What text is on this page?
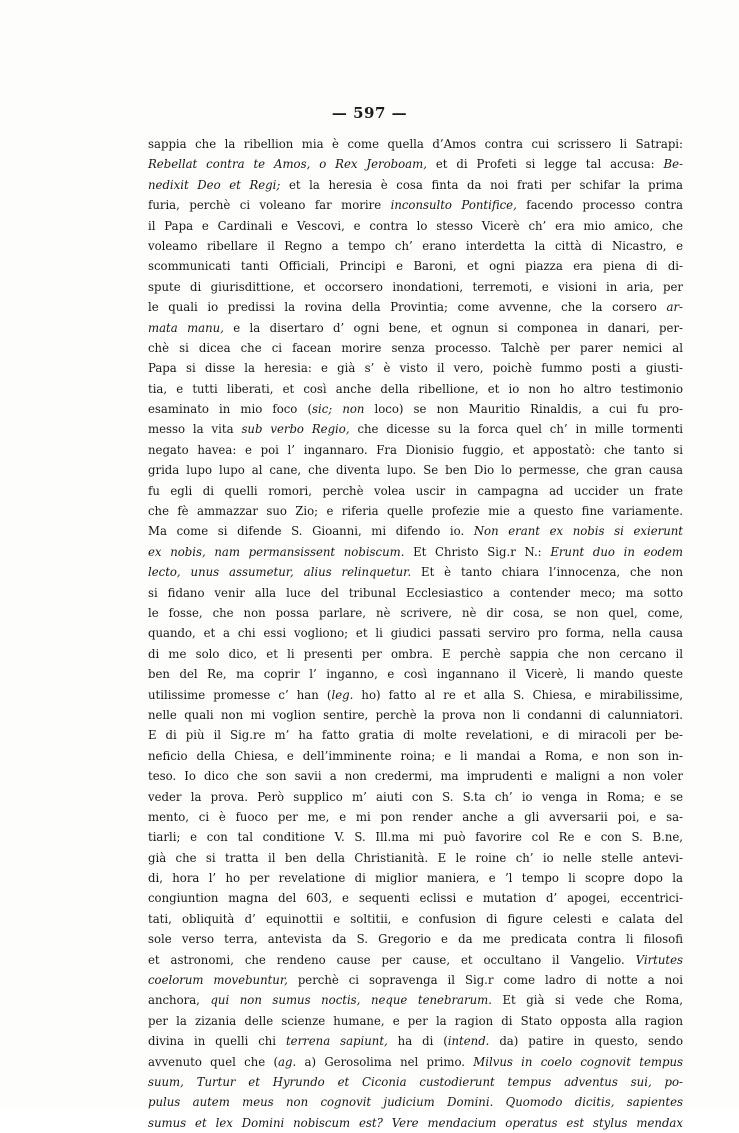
— 597 —
sappia che la ribellion mia è come quella d’Amos contra cui scrissero li Satrapi:
Rebellat contra te Amos, o Rex Jeroboam, et di Profeti si legge tal accusa: Be-
nedixit Deo et Regi; et la heresia è cosa finta da noi frati per schifar la prima
furia, perchè ci voleano far morire inconsulto Pontifice, facendo processo contra
il Papa e Cardinali e Vescovi, e contra lo stesso Vicerè ch’ era mio amico, che
voleamo ribellare il Regno a tempo ch’ erano interdetta la città di Nicastro, e
scommunicati tanti Officiali, Principi e Baroni, et ogni piazza era piena di di-
spute di giurisdittione, et occorsero inondationi, terremoti, e visioni in aria, per
le quali io predissi la rovina della Provintia; come avvenne, che la corsero ar-
mata manu, e la disertaro d’ ogni bene, et ognun si componea in danari, per-
chè si dicea che ci facean morire senza processo. Talchè per parer nemici al
Papa si disse la heresia: e già s’ è visto il vero, poichè fummo posti a giusti-
tia, e tutti liberati, et così anche della ribellione, et io non ho altro testimonio
esaminato in mio foco (sic; non loco) se non Mauritio Rinaldis, a cui fu pro-
messo la vita sub verbo Regio, che dicesse su la forca quel ch’ in mille tormenti
negato havea: e poi l’ ingannaro. Fra Dionisio fuggio, et appostatò: che tanto si
grida lupo lupo al cane, che diventa lupo. Se ben Dio lo permesse, che gran causa
fu egli di quelli romori, perchè volea uscir in campagna ad uccider un frate
che fè ammazzar suo Zio; e riferia quelle profezie mie a questo fine variamente.
Ma come si difende S. Gioanni, mi difendo io. Non erant ex nobis si exierunt
ex nobis, nam permansissent nobiscum. Et Christo Sig.r N.: Erunt duo in eodem
lecto, unus assumetur, alius relinquetur. Et è tanto chiara l’innocenza, che non
si fidano venir alla luce del tribunal Ecclesiastico a contender meco; ma sotto
le fosse, che non possa parlare, nè scrivere, nè dir cosa, se non quel, come,
quando, et a chi essi vogliono; et li giudici passati serviro pro forma, nella causa
di me solo dico, et li presenti per ombra. E perchè sappia che non cercano il
ben del Re, ma coprir l’ inganno, e così ingannano il Vicerè, li mando queste
utilissime promesse c’ han (leg. ho) fatto al re et alla S. Chiesa, e mirabilissime,
nelle quali non mi voglion sentire, perchè la prova non li condanni di calunniatori.
E di più il Sig.re m’ ha fatto gratia di molte revelationi, e di miracoli per be-
neficio della Chiesa, e dell’imminente roina; e li mandai a Roma, e non son in-
teso. Io dico che son savii a non credermi, ma imprudenti e maligni a non voler
veder la prova. Però supplico m’ aiuti con S. S.ta ch’ io venga in Roma; e se
mento, ci è fuoco per me, e mi pon render anche a gli avversarii poi, e sa-
tiarli; e con tal conditione V. S. Ill.ma mi può favorire col Re e con S. B.ne,
già che si tratta il ben della Christianità. E le roine ch’ io nelle stelle antevi-
di, hora l’ ho per revelatione di miglior maniera, e ’l tempo li scopre dopo la
congiuntion magna del 603, e sequenti eclissi e mutation d’ apogei, eccentrici-
tati, obliquità d’ equinottii e soltitii, e confusion di figure celesti e calata del
sole verso terra, antevista da S. Gregorio e da me predicata contra li filosofi
et astronomi, che rendeno cause per cause, et occultano il Vangelio. Virtutes
coelorum movebuntur, perchè ci sopravenga il Sig.r come ladro di notte a noi
anchora, qui non sumus noctis, neque tenebrarum. Et già si vede che Roma,
per la zizania delle scienze humane, e per la ragion di Stato opposta alla ragion
divina in quelli chi terrena sapiunt, ha di (intend. da) patire in questo, sendo
avvenuto quel che (ag. a) Gerosolima nel primo. Milvus in coelo cognovit tempus
suum, Turtur et Hyrundo et Ciconia custodierunt tempus adventus sui, po-
pulus autem meus non cognovit judicium Domini. Quomodo dicitis, sapientes
sumus et lex Domini nobiscum est? Vere mendacium operatus est stylus mendax
